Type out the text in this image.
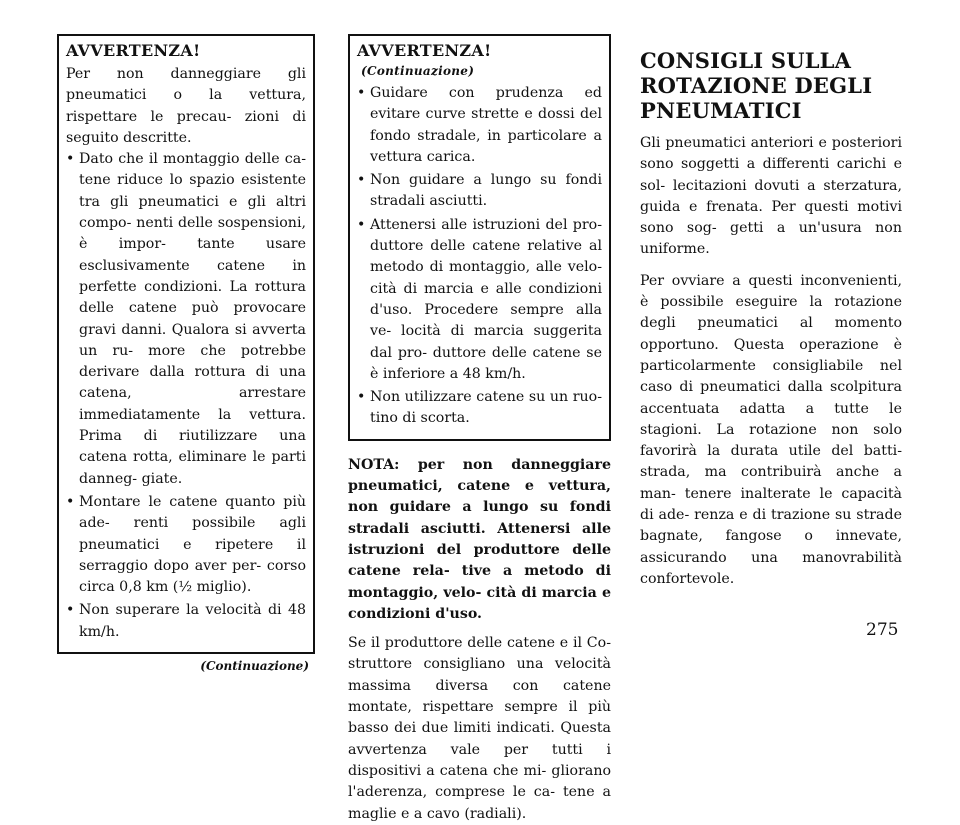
AVVERTENZA!

Per non danneggiare gli pneumatici o la vettura, rispettare le precau- zioni di seguito descritte.

• Dato che il montaggio delle ca- tene riduce lo spazio esistente tra gli pneumatici e gli altri compo- nenti delle sospensioni, è impor- tante usare esclusivamente catene in perfette condizioni. La rottura delle catene può provocare gravi danni. Qualora si avverta un ru- more che potrebbe derivare dalla rottura di una catena, arrestare immediatamente la vettura. Prima di riutilizzare una catena rotta, eliminare le parti danneg- giate.
• Montare le catene quanto più ade- renti possibile agli pneumatici e ripetere il serraggio dopo aver per- corso circa 0,8 km (½ miglio).
• Non superare la velocità di 48 km/h.
(Continuazione)
AVVERTENZA!(Continuazione)
• Guidare con prudenza ed evitare curve strette e dossi del fondo stradale, in particolare a vettura carica.
• Non guidare a lungo su fondi stradali asciutti.
• Attenersi alle istruzioni del pro- duttore delle catene relative al metodo di montaggio, alle velo- cità di marcia e alle condizioni d'uso. Procedere sempre alla ve- locità di marcia suggerita dal pro- duttore delle catene se è inferiore a 48 km/h.
• Non utilizzare catene su un ruo- tino di scorta.

NOTA: per non danneggiare pneumatici, catene e vettura, non guidare a lungo su fondi stradali asciutti. Attenersi alle istruzioni del produttore delle catene rela- tive a metodo di montaggio, velo- cità di marcia e condizioni d'uso.

Se il produttore delle catene e il Co- struttore consigliano una velocità massima diversa con catene montate, rispettare sempre il più basso dei due limiti indicati. Questa avvertenza vale per tutti i dispositivi a catena che mi- gliorano l'aderenza, comprese le ca- tene a maglie e a cavo (radiali).

CONSIGLI SULLA ROTAZIONE DEGLI PNEUMATICI

Gli pneumatici anteriori e posteriori sono soggetti a differenti carichi e sol- lecitazioni dovuti a sterzatura, guida e frenata. Per questi motivi sono sog- getti a un'usura non uniforme.

Per ovviare a questi inconvenienti, è possibile eseguire la rotazione degli pneumatici al momento opportuno. Questa operazione è particolarmente consigliabile nel caso di pneumatici dalla scolpitura accentuata adatta a tutte le stagioni. La rotazione non solo favorirà la durata utile del batti- strada, ma contribuirà anche a man- tenere inalterate le capacità di ade- renza e di trazione su strade bagnate, fangose o innevate, assicurando una manovrabilità confortevole.

275
